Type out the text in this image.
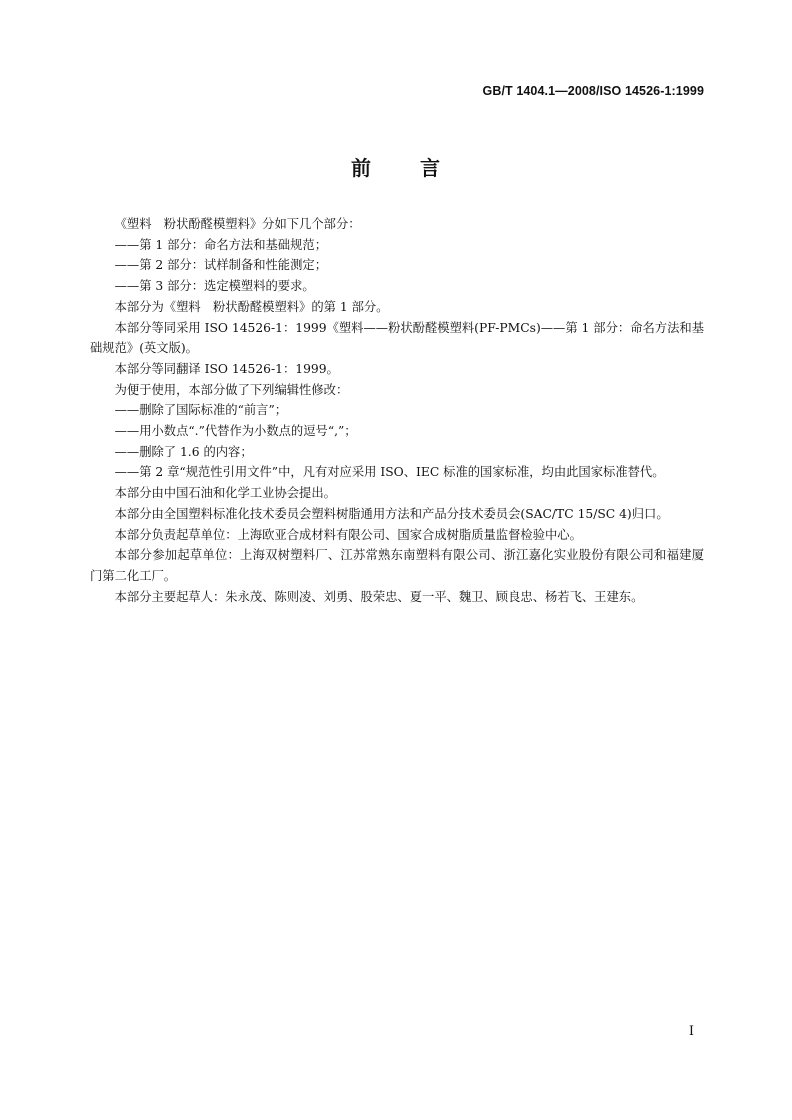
GB/T 1404.1—2008/ISO 14526-1:1999
前 言

《塑料　粉状酚醛模塑料》分如下几个部分：

——第 1 部分：命名方法和基础规范；

——第 2 部分：试样制备和性能测定；

——第 3 部分：选定模塑料的要求。

本部分为《塑料　粉状酚醛模塑料》的第 1 部分。

本部分等同采用 ISO 14526-1：1999《塑料——粉状酚醛模塑料(PF-PMCs)——第 1 部分：命名方法和基础规范》(英文版)。

本部分等同翻译 ISO 14526-1：1999。

为便于使用，本部分做了下列编辑性修改：

——删除了国际标准的“前言”；

——用小数点“.”代替作为小数点的逗号“,”；

——删除了 1.6 的内容；

——第 2 章“规范性引用文件”中，凡有对应采用 ISO、IEC 标准的国家标准，均由此国家标准替代。

本部分由中国石油和化学工业协会提出。

本部分由全国塑料标准化技术委员会塑料树脂通用方法和产品分技术委员会(SAC/TC 15/SC 4)归口。

本部分负责起草单位：上海欧亚合成材料有限公司、国家合成树脂质量监督检验中心。

本部分参加起草单位：上海双树塑料厂、江苏常熟东南塑料有限公司、浙江嘉化实业股份有限公司和福建厦门第二化工厂。

本部分主要起草人：朱永茂、陈则凌、刘勇、股荣忠、夏一平、魏卫、顾良忠、杨若飞、王建东。

I
